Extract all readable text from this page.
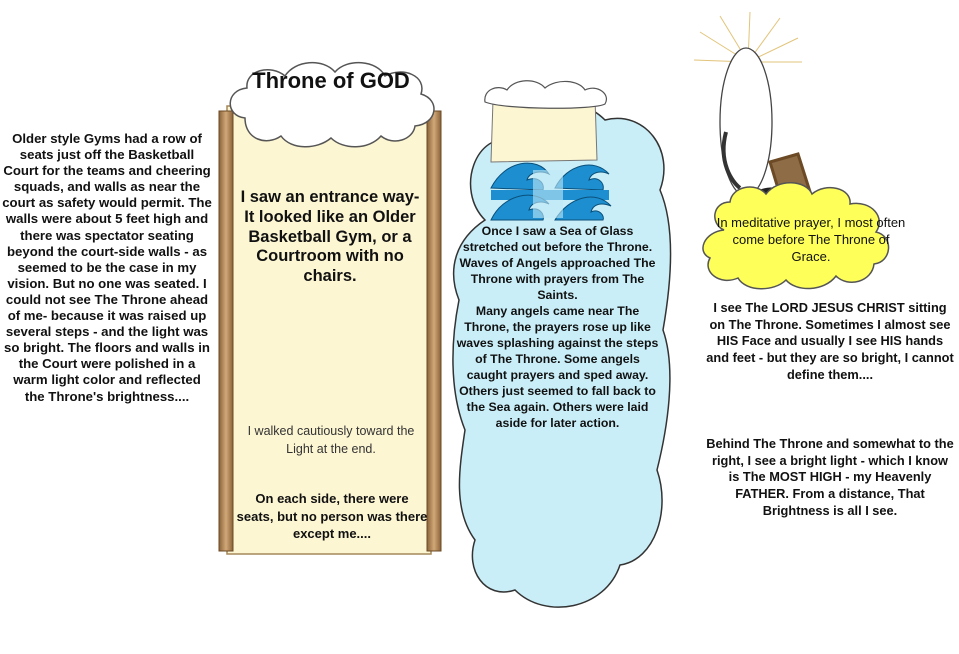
Older style Gyms had a row of seats just off the Basketball Court for the teams and cheering squads, and walls as near the court as safety would permit. The walls were about 5 feet high and there was spectator seating beyond the court-side walls - as seemed to be the case in my vision. But no one was seated. I could not see The Throne ahead of me- because it was raised up several steps - and the light was so bright. The floors and walls in the Court were polished in a warm light color and reflected the Throne's brightness....
Throne of GOD
I saw an entrance way- It looked like an Older Basketball Gym, or a Courtroom with no chairs.
I walked cautiously toward the Light at the end.
On each side, there were seats, but no person was there except me....
Once I saw a Sea of Glass stretched out before the Throne. Waves of Angels approached The Throne with prayers from The Saints.
Many angels came near The Throne, the prayers rose up like waves splashing against the steps of The Throne. Some angels caught prayers and sped away. Others just seemed to fall back to the Sea again. Others were laid aside for later action.
In meditative prayer, I most often come before The Throne of Grace.
I see The LORD JESUS CHRIST sitting on The Throne. Sometimes I almost see HIS Face and usually I see HIS hands and feet - but they are so bright, I cannot define them....
Behind The Throne and somewhat to the right, I see a bright light - which I know is The MOST HIGH - my Heavenly FATHER. From a distance, That Brightness is all I see.
